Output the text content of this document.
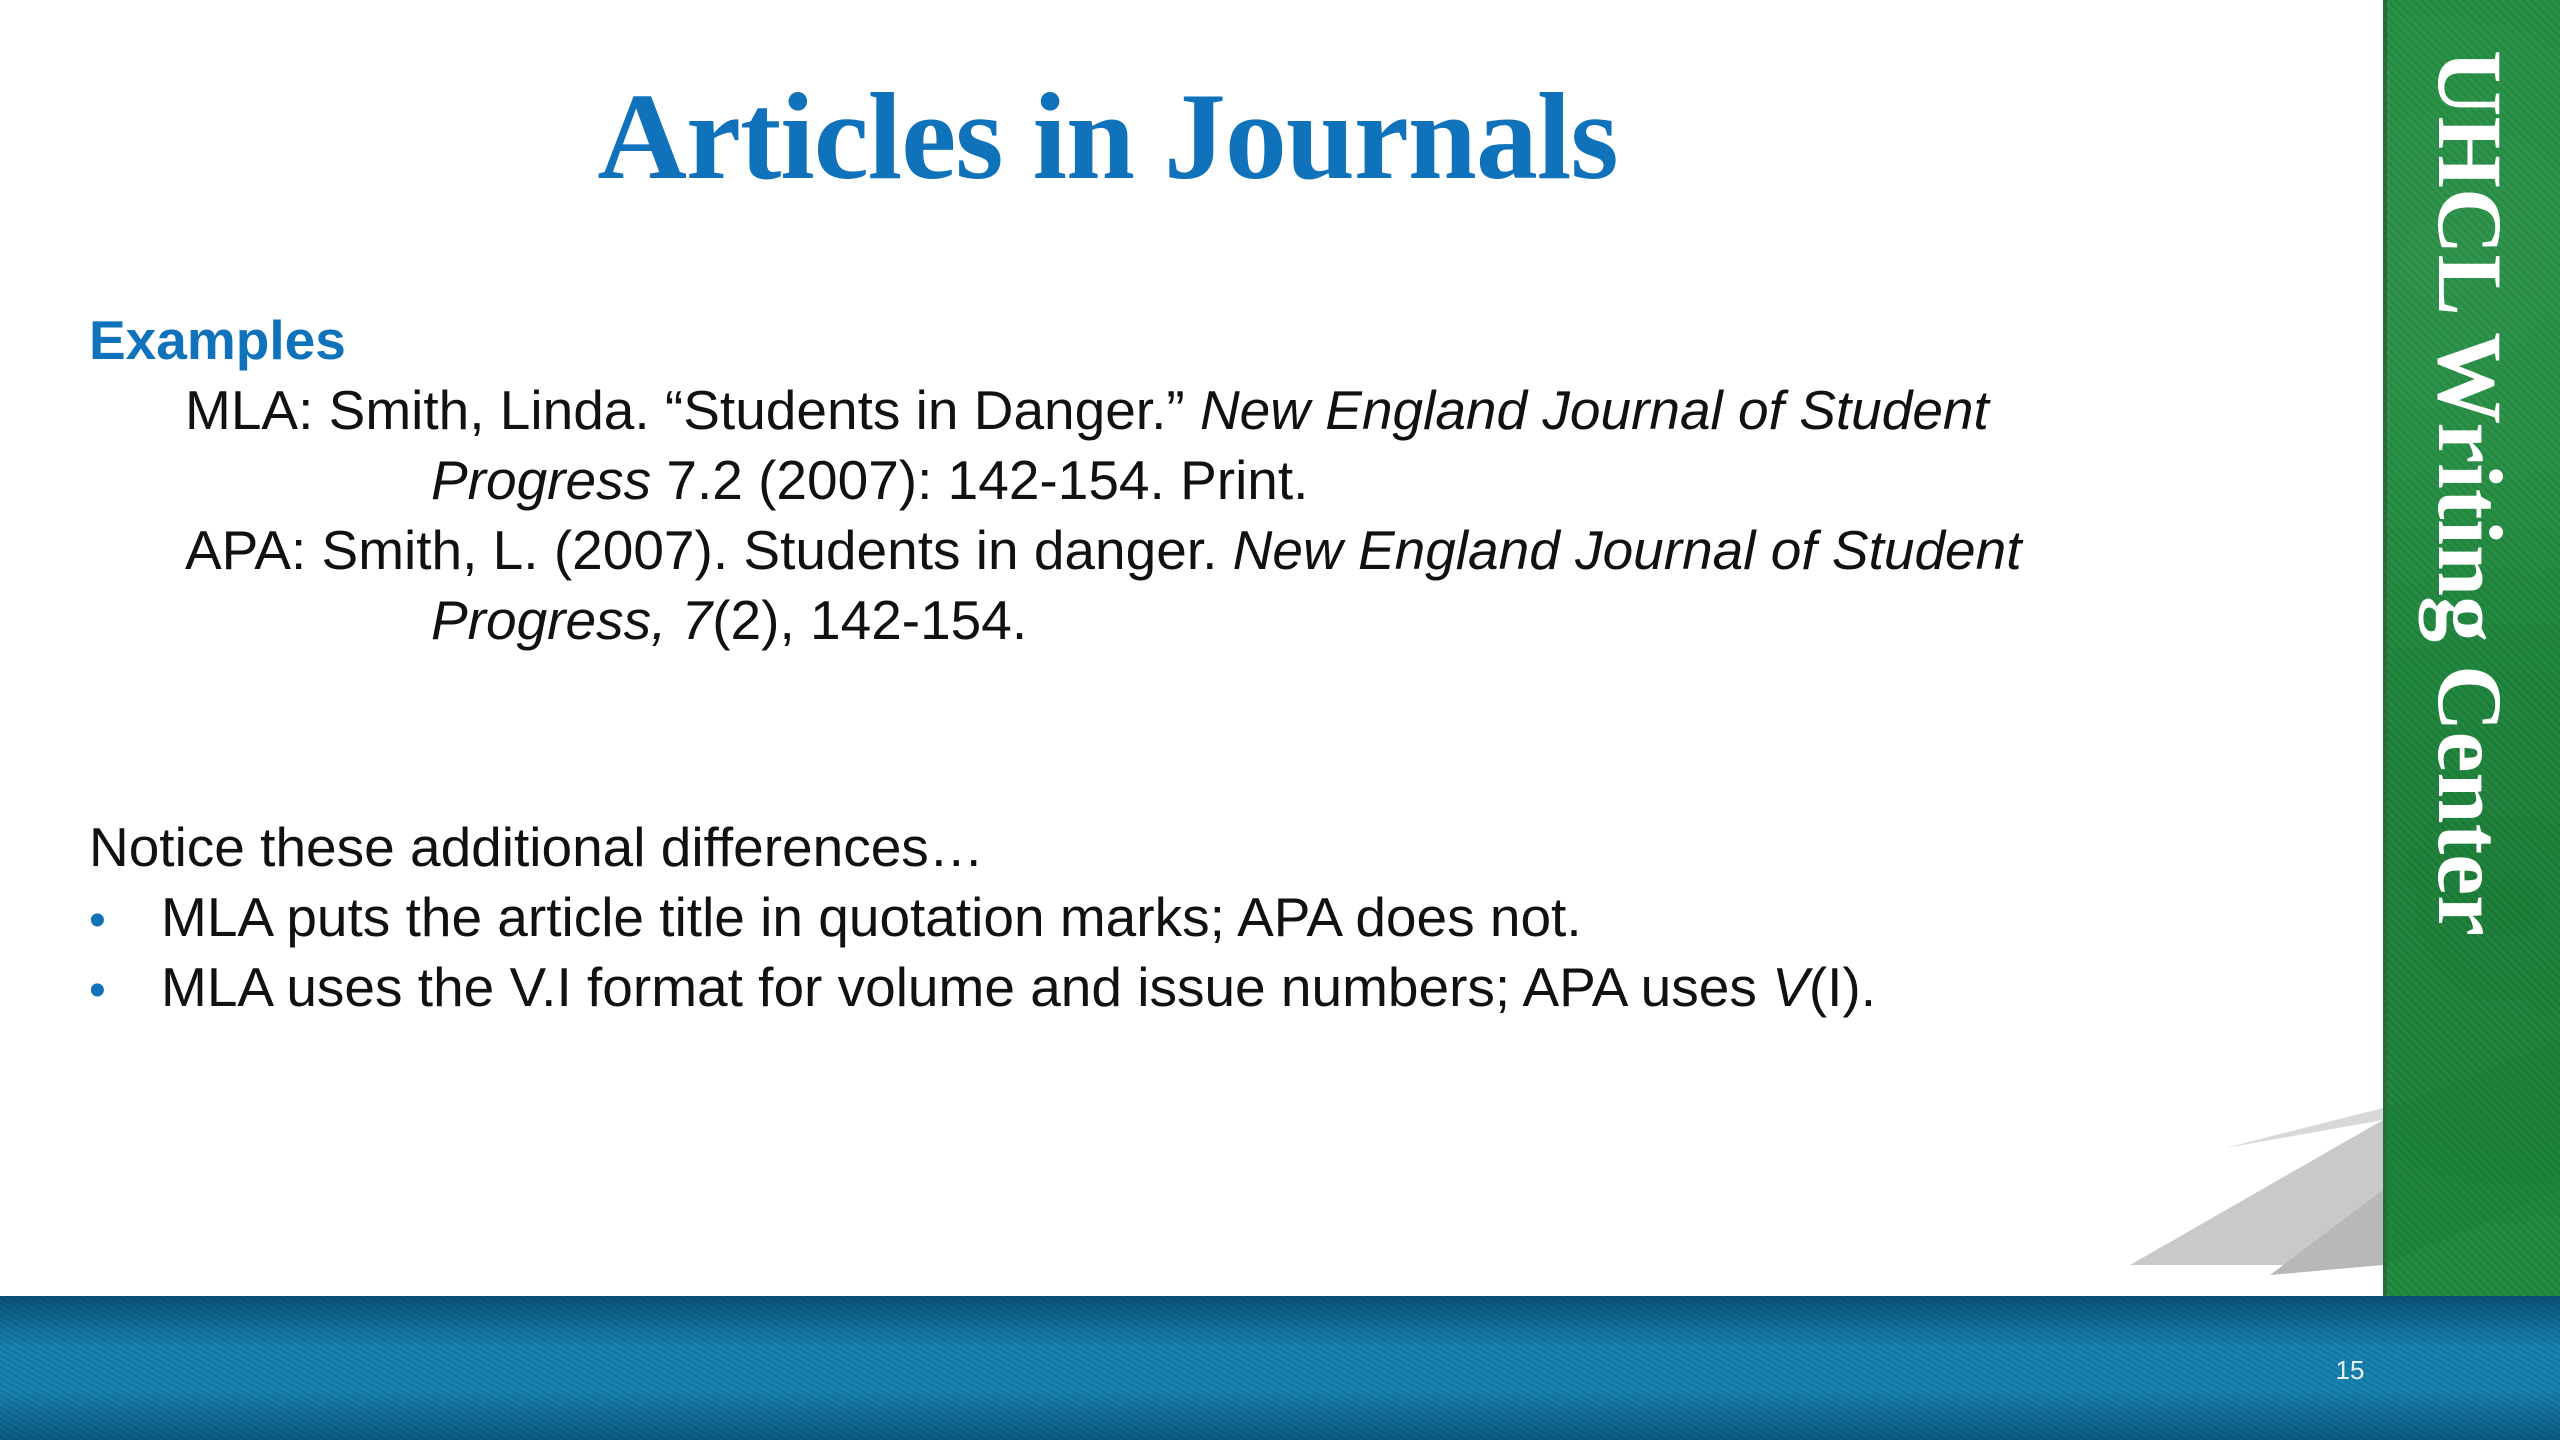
Articles in Journals
Examples
MLA: Smith, Linda. “Students in Danger.” New England Journal of Student
Progress 7.2 (2007): 142-154. Print.
APA: Smith, L. (2007). Students in danger. New England Journal of Student
Progress, 7(2), 142-154.
Notice these additional differences…
• MLA puts the article title in quotation marks; APA does not.
• MLA uses the V.I format for volume and issue numbers; APA uses V(I).
UHCL Writing Center
15
